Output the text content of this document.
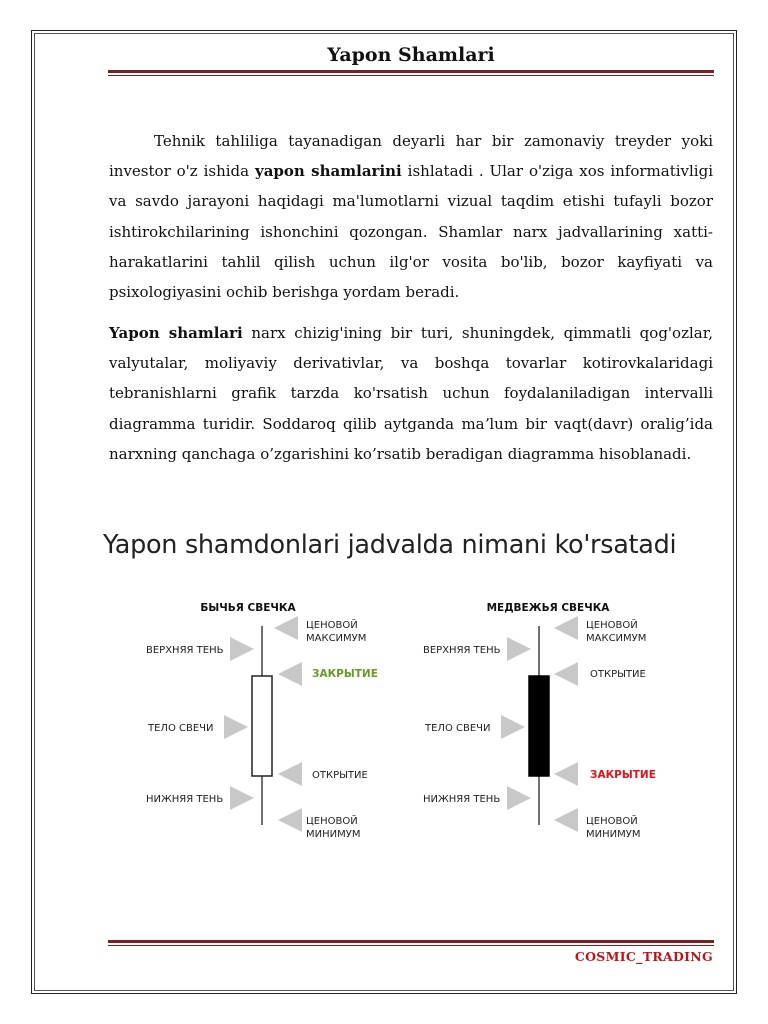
Yapon Shamlari
Tehnik tahliliga tayanadigan deyarli har bir zamonaviy treyder yoki investor o'z ishida yapon shamlarini ishlatadi . Ular o'ziga xos informativligi va savdo jarayoni haqidagi ma'lumotlarni vizual taqdim etishi tufayli bozor ishtirokchilarining ishonchini qozongan. Shamlar narx jadvallarining xatti-harakatlarini tahlil qilish uchun ilg'or vosita bo'lib, bozor kayfiyati va psixologiyasini ochib berishga yordam beradi.
Yapon shamlari narx chizig'ining bir turi, shuningdek, qimmatli qog'ozlar, valyutalar, moliyaviy derivativlar, va boshqa tovarlar kotirovkalaridagi tebranishlarni grafik tarzda ko'rsatish uchun foydalaniladigan intervalli diagramma turidir. Soddaroq qilib aytganda maʼlum bir vaqt(davr) oralig’ida narxning qanchaga o’zgarishini ko’rsatib beradigan diagramma hisoblanadi.
Yapon shamdonlari jadvalda nimani ko'rsatadi
БЫЧЬЯ СВЕЧКА
ЦЕНОВОЙ
МАКСИМУМ
ЗАКРЫТИЕ
ОТКРЫТИЕ
ЦЕНОВОЙ
МИНИМУМ
ВЕРХНЯЯ ТЕНЬ
ТЕЛО СВЕЧИ
НИЖНЯЯ ТЕНЬ
МЕДВЕЖЬЯ СВЕЧКА
ЦЕНОВОЙ
МАКСИМУМ
ОТКРЫТИЕ
ЗАКРЫТИЕ
ЦЕНОВОЙ
МИНИМУМ
ВЕРХНЯЯ ТЕНЬ
ТЕЛО СВЕЧИ
НИЖНЯЯ ТЕНЬ
COSMIC_TRADING
